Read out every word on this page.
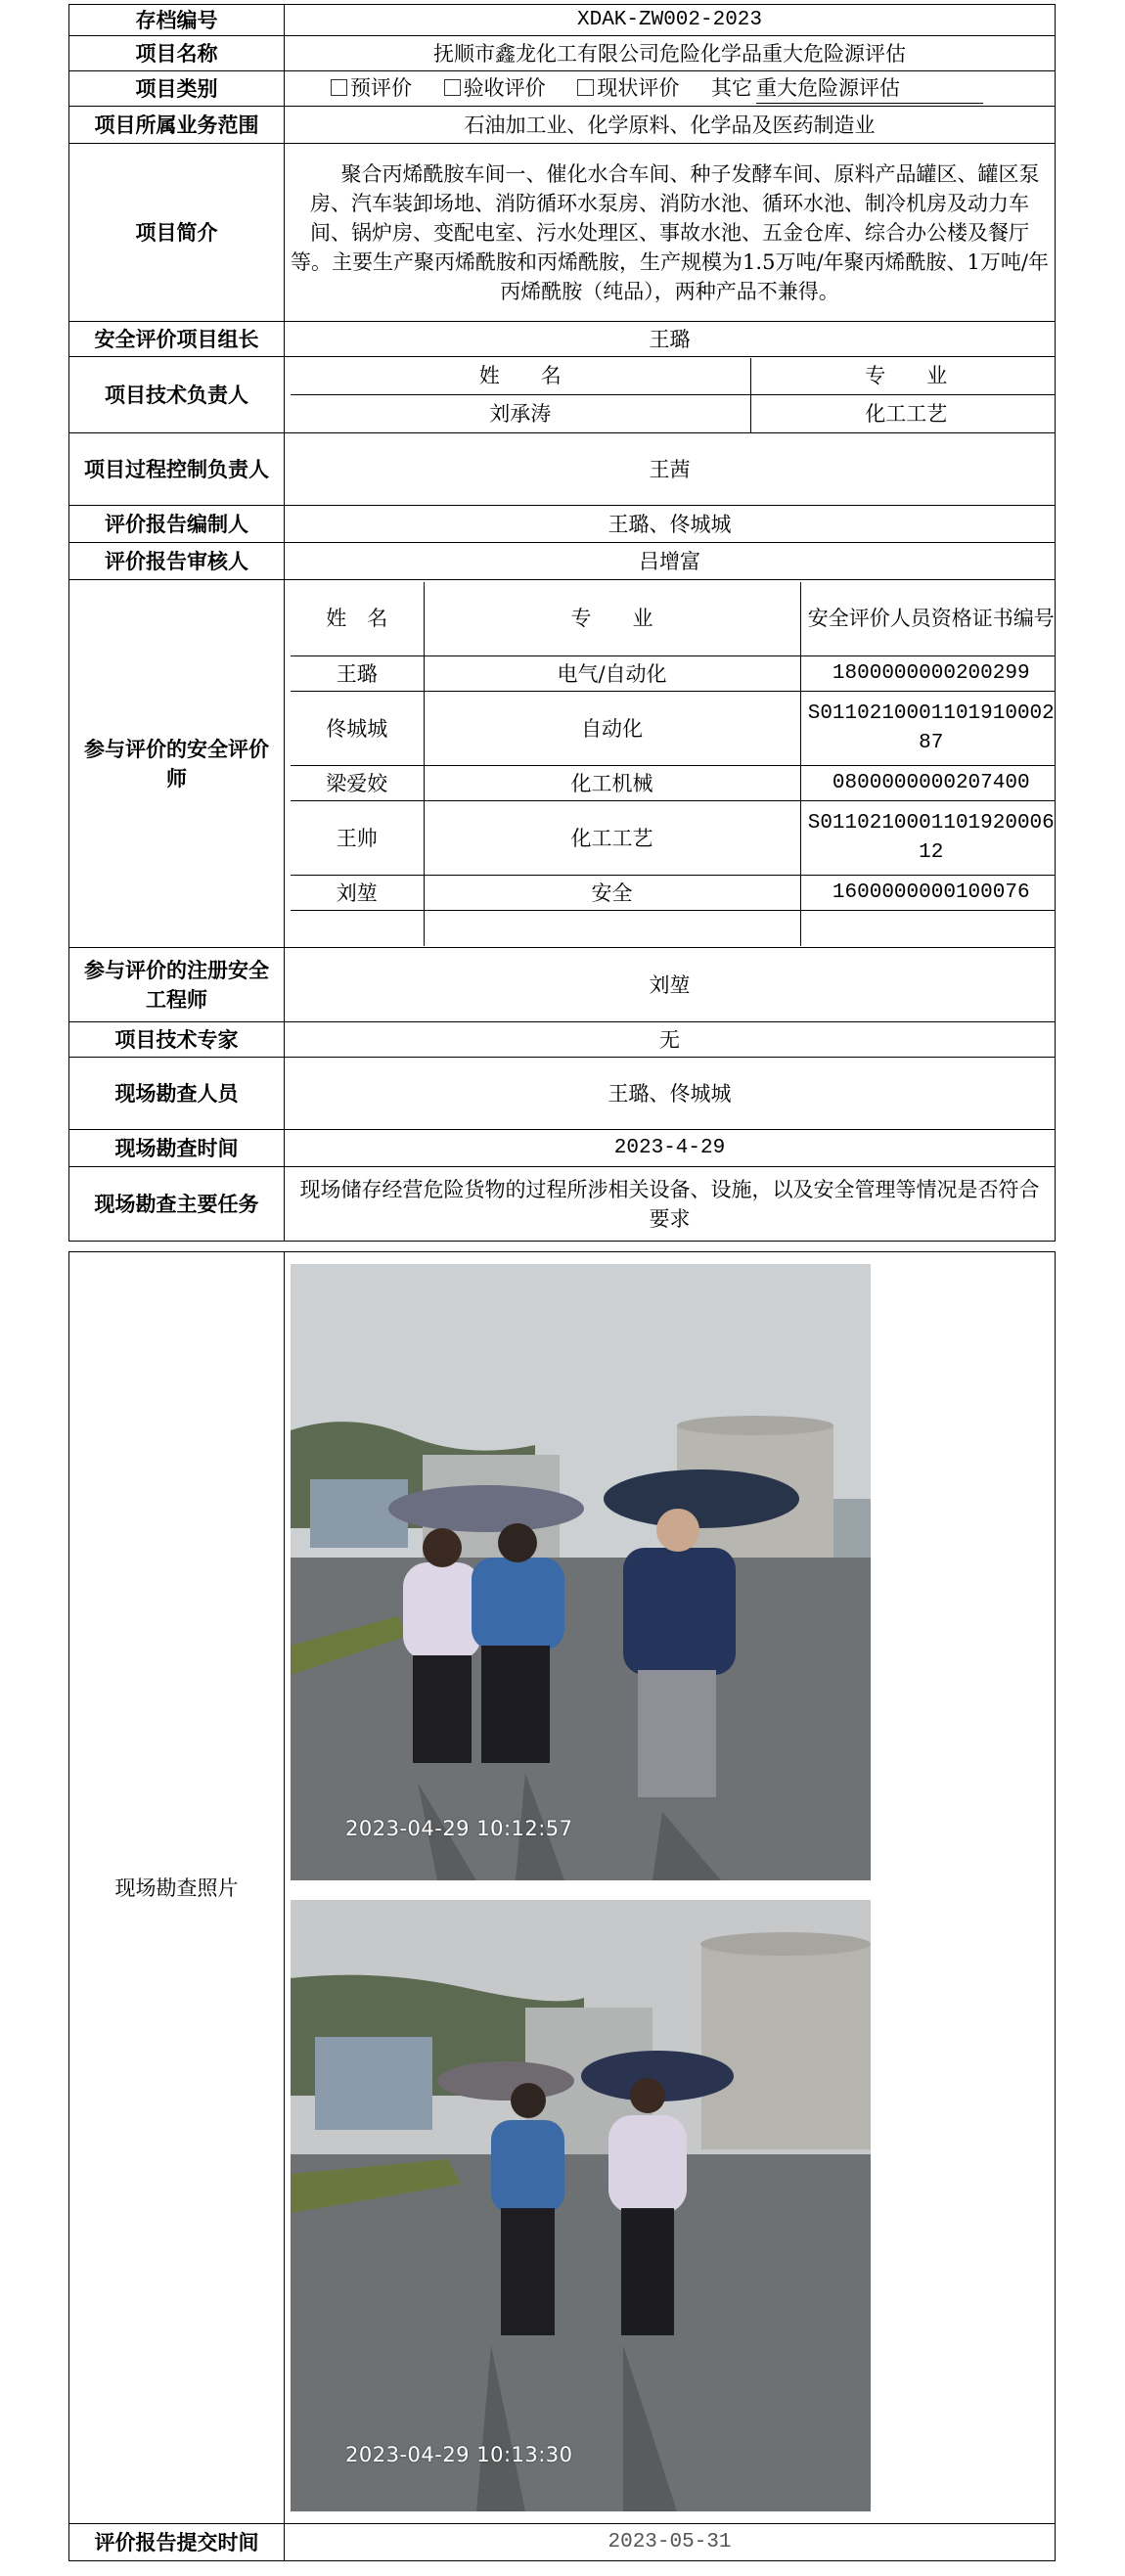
存档编号	XDAK-ZW002-2023
项目名称	抚顺市鑫龙化工有限公司危险化学品重大危险源评估
项目类别	预评价	验收评价	现状评价 其它 重大危险源评估
项目所属业务范围	石油加工业、化学原料、化学品及医药制造业
项目简介	聚合丙烯酰胺车间一、催化水合车间、种子发酵车间、原料产品罐区、罐区泵房、汽车装卸场地、消防循环水泵房、消防水池、循环水池、制冷机房及动力车间、锅炉房、变配电室、污水处理区、事故水池、五金仓库、综合办公楼及餐厅等。主要生产聚丙烯酰胺和丙烯酰胺，生产规模为1.5万吨/年聚丙烯酰胺、1万吨/年丙烯酰胺（纯品），两种产品不兼得。
安全评价项目组长	王璐
项目技术负责人	
姓　　名	专　　业
刘承涛	化工工艺

项目过程控制负责人	王茜
评价报告编制人	王璐、佟城城
评价报告审核人	吕增富
参与评价的安全评价师	
姓　名	专　　业	安全评价人员资格证书编号
王璐	电气/自动化	1800000000200299
佟城城	自动化	S011021000110191000287
梁爱姣	化工机械	0800000000207400
王帅	化工工艺	S011021000110192000612
刘堃	安全	1600000000100076

参与评价的注册安全工程师	刘堃
项目技术专家	无
现场勘查人员	王璐、佟城城
现场勘查时间	2023-4-29
现场勘查主要任务	现场储存经营危险货物的过程所涉相关设备、设施，以及安全管理等情况是否符合要求
现场勘查照片	2023-04-29 10:12:57
2023-04-29 10:13:30

评价报告提交时间	2023-05-31
